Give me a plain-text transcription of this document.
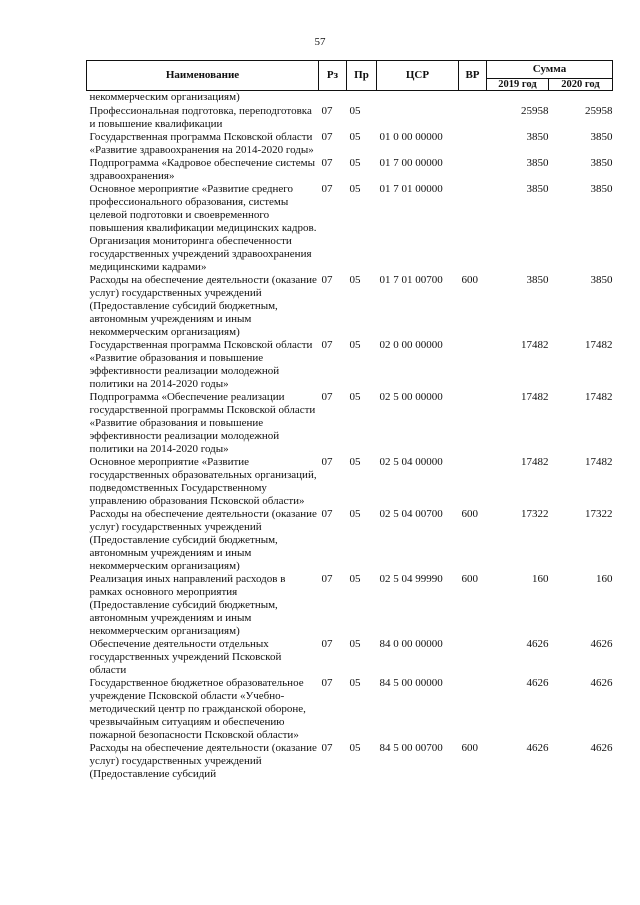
57
Наименование	Рз	Пр	ЦСР	ВР	Сумма	
					2019 год	2020 год
некоммерческим организациям)						
Профессиональная подготовка, переподготовка и повышение квалификации	07	05			25958	25958
Государственная программа Псковской области «Развитие здравоохранения на 2014-2020 годы»	07	05	01 0 00 00000		3850	3850
Подпрограмма «Кадровое обеспечение системы здравоохранения»	07	05	01 7 00 00000		3850	3850
Основное мероприятие «Развитие среднего профессионального образования, системы целевой подготовки и своевременного повышения квалификации медицинских кадров. Организация мониторинга обеспеченности государственных учреждений здравоохранения медицинскими кадрами»	07	05	01 7 01 00000		3850	3850
Расходы на обеспечение деятельности (оказание услуг) государственных учреждений (Предоставление субсидий бюджетным, автономным учреждениям и иным некоммерческим организациям)	07	05	01 7 01 00700	600	3850	3850
Государственная программа Псковской области «Развитие образования и повышение эффективности реализации молодежной политики на 2014-2020 годы»	07	05	02 0 00 00000		17482	17482
Подпрограмма «Обеспечение реализации государственной программы Псковской области «Развитие образования и повышение эффективности реализации молодежной политики на 2014-2020 годы»	07	05	02 5 00 00000		17482	17482
Основное мероприятие «Развитие государственных образовательных организаций, подведомственных Государственному управлению образования Псковской области»	07	05	02 5 04 00000		17482	17482
Расходы на обеспечение деятельности (оказание услуг) государственных учреждений (Предоставление субсидий бюджетным, автономным учреждениям и иным некоммерческим организациям)	07	05	02 5 04 00700	600	17322	17322
Реализация иных направлений расходов в рамках основного мероприятия (Предоставление субсидий бюджетным, автономным учреждениям и иным некоммерческим организациям)	07	05	02 5 04 99990	600	160	160
Обеспечение деятельности отдельных государственных учреждений Псковской области	07	05	84 0 00 00000		4626	4626
Государственное бюджетное образовательное учреждение Псковской области «Учебно-методический центр по гражданской обороне, чрезвычайным ситуациям и обеспечению пожарной безопасности Псковской области»	07	05	84 5 00 00000		4626	4626
Расходы на обеспечение деятельности (оказание услуг) государственных учреждений (Предоставление субсидий	07	05	84 5 00 00700	600	4626	4626
